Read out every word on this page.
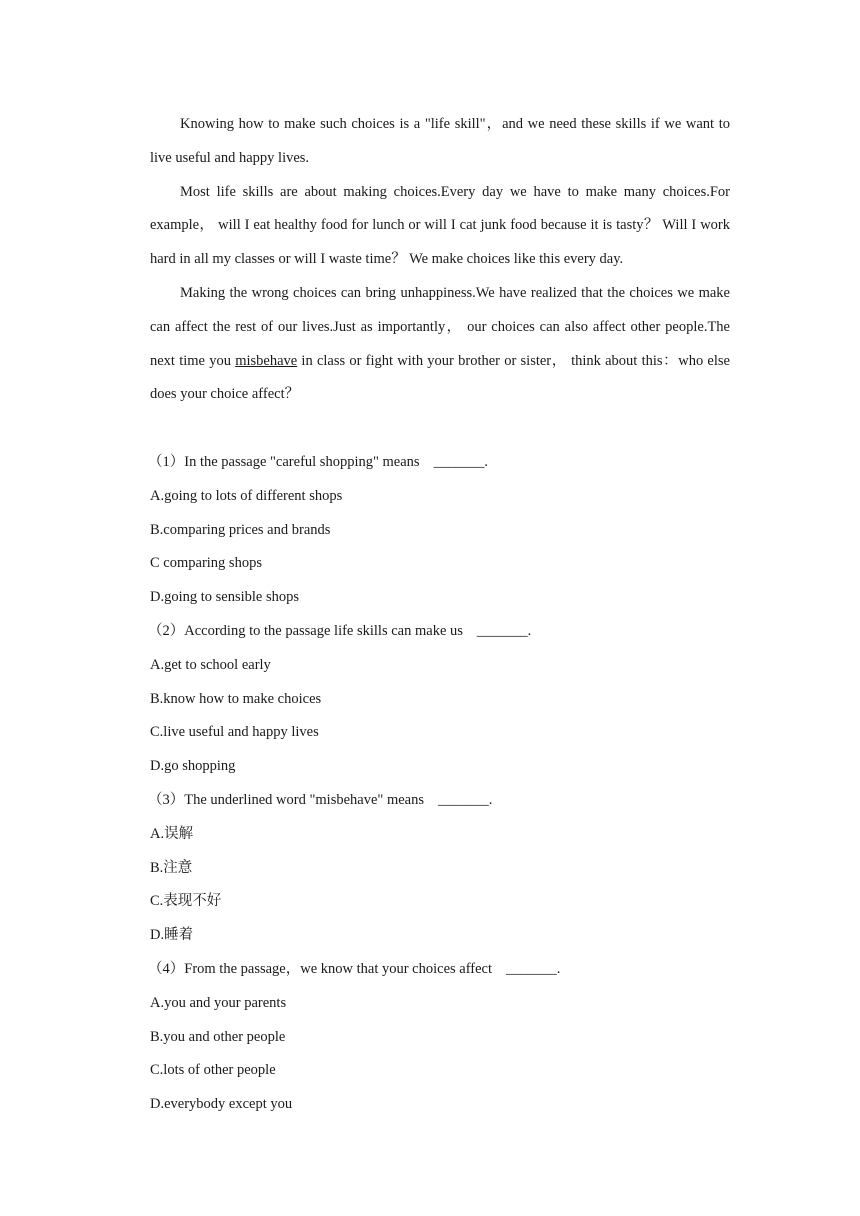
Knowing how to make such choices is a "life skill"，and we need these skills if we want to live useful and happy lives.

Most life skills are about making choices.Every day we have to make many choices.For example， will I eat healthy food for lunch or will I cat junk food because it is tasty？ Will I work hard in all my classes or will I waste time？ We make choices like this every day.

Making the wrong choices can bring unhappiness.We have realized that the choices we make can affect the rest of our lives.Just as importantly， our choices can also affect other people.The next time you misbehave in class or fight with your brother or sister， think about this：who else does your choice affect？

（1）In the passage "careful shopping" means _______.
A.going to lots of different shops
B.comparing prices and brands
C comparing shops
D.going to sensible shops
（2）According to the passage life skills can make us _______.
A.get to school early
B.know how to make choices
C.live useful and happy lives
D.go shopping
（3）The underlined word "misbehave" means _______.
A.误解
B.注意
C.表现不好
D.睡着
（4）From the passage，we know that your choices affect _______.
A.you and your parents
B.you and other people
C.lots of other people
D.everybody except you
